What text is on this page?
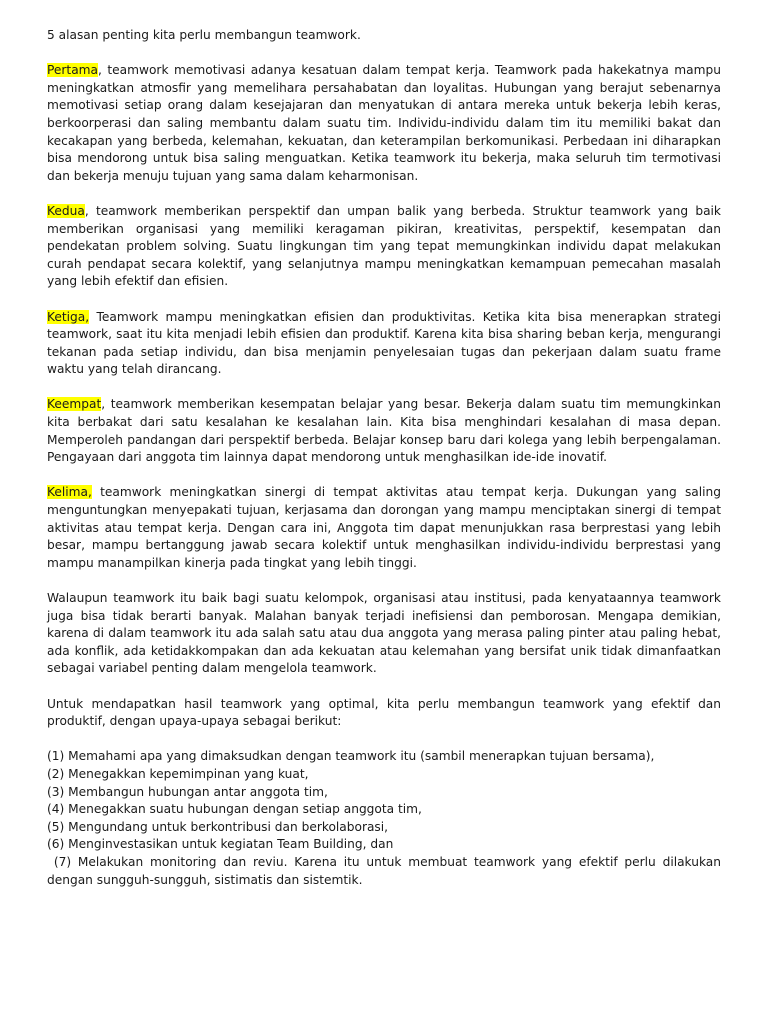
5 alasan penting kita perlu membangun teamwork.

Pertama, teamwork memotivasi adanya kesatuan dalam tempat kerja. Teamwork pada hakekatnya mampu meningkatkan atmosfir yang memelihara persahabatan dan loyalitas. Hubungan yang berajut sebenarnya memotivasi setiap orang dalam kesejajaran dan menyatukan di antara mereka untuk bekerja lebih keras, berkoorperasi dan saling membantu dalam suatu tim. Individu-individu dalam tim itu memiliki bakat dan kecakapan yang berbeda, kelemahan, kekuatan, dan keterampilan berkomunikasi. Perbedaan ini diharapkan bisa mendorong untuk bisa saling menguatkan. Ketika teamwork itu bekerja, maka seluruh tim termotivasi dan bekerja menuju tujuan yang sama dalam keharmonisan.

Kedua, teamwork memberikan perspektif dan umpan balik yang berbeda. Struktur teamwork yang baik memberikan organisasi yang memiliki keragaman pikiran, kreativitas, perspektif, kesempatan dan pendekatan problem solving. Suatu lingkungan tim yang tepat memungkinkan individu dapat melakukan curah pendapat secara kolektif, yang selanjutnya mampu meningkatkan kemampuan pemecahan masalah yang lebih efektif dan efisien.

Ketiga, Teamwork mampu meningkatkan efisien dan produktivitas. Ketika kita bisa menerapkan strategi teamwork, saat itu kita menjadi lebih efisien dan produktif. Karena kita bisa sharing beban kerja, mengurangi tekanan pada setiap individu, dan bisa menjamin penyelesaian tugas dan pekerjaan dalam suatu frame waktu yang telah dirancang.

Keempat, teamwork memberikan kesempatan belajar yang besar. Bekerja dalam suatu tim memungkinkan kita berbakat dari satu kesalahan ke kesalahan lain. Kita bisa menghindari kesalahan di masa depan. Memperoleh pandangan dari perspektif berbeda. Belajar konsep baru dari kolega yang lebih berpengalaman. Pengayaan dari anggota tim lainnya dapat mendorong untuk menghasilkan ide-ide inovatif.

Kelima, teamwork meningkatkan sinergi di tempat aktivitas atau tempat kerja. Dukungan yang saling menguntungkan menyepakati tujuan, kerjasama dan dorongan yang mampu menciptakan sinergi di tempat aktivitas atau tempat kerja. Dengan cara ini, Anggota tim dapat menunjukkan rasa berprestasi yang lebih besar, mampu bertanggung jawab secara kolektif untuk menghasilkan individu-individu berprestasi yang mampu manampilkan kinerja pada tingkat yang lebih tinggi.

Walaupun teamwork itu baik bagi suatu kelompok, organisasi atau institusi, pada kenyataannya teamwork juga bisa tidak berarti banyak. Malahan banyak terjadi inefisiensi dan pemborosan. Mengapa demikian, karena di dalam teamwork itu ada salah satu atau dua anggota yang merasa paling pinter atau paling hebat, ada konflik, ada ketidakkompakan dan ada kekuatan atau kelemahan yang bersifat unik tidak dimanfaatkan sebagai variabel penting dalam mengelola teamwork.

Untuk mendapatkan hasil teamwork yang optimal, kita perlu membangun teamwork yang efektif dan produktif, dengan upaya-upaya sebagai berikut:

(1) Memahami apa yang dimaksudkan dengan teamwork itu (sambil menerapkan tujuan bersama),
(2) Menegakkan kepemimpinan yang kuat,
(3) Membangun hubungan antar anggota tim,
(4) Menegakkan suatu hubungan dengan setiap anggota tim,
(5) Mengundang untuk berkontribusi dan berkolaborasi,
(6) Menginvestasikan untuk kegiatan Team Building, dan
(7) Melakukan monitoring dan reviu. Karena itu untuk membuat teamwork yang efektif perlu dilakukan dengan sungguh-sungguh, sistimatis dan sistemtik.
